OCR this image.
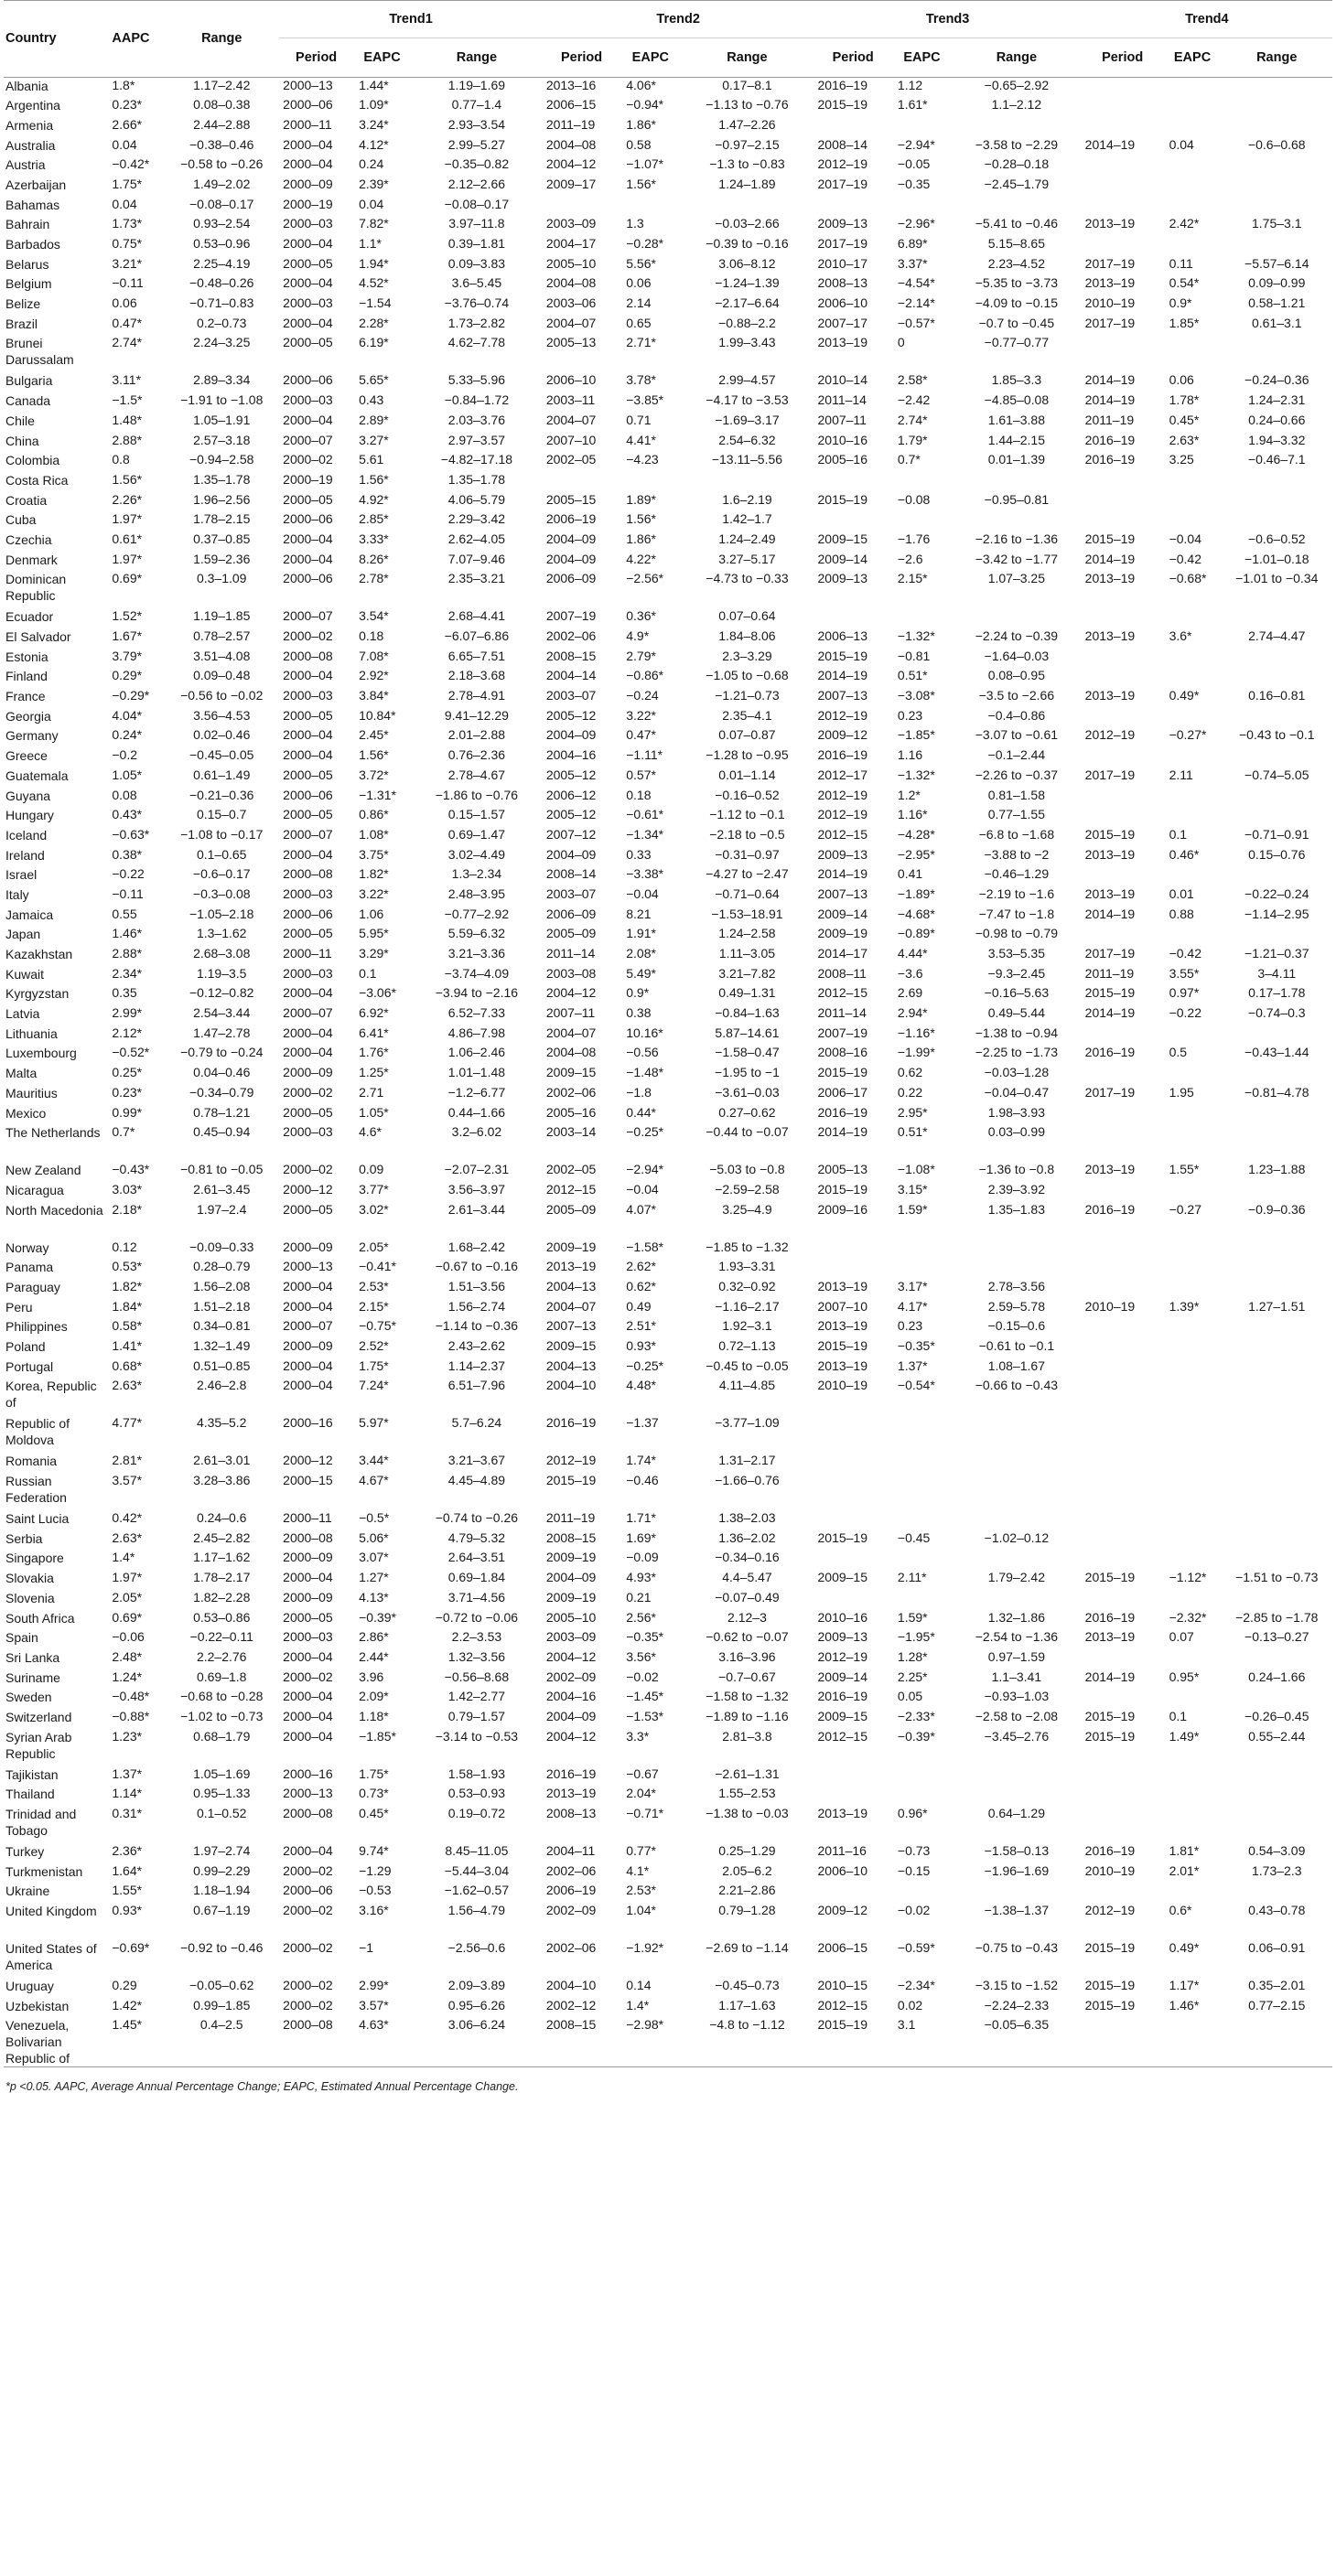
Country	AAPC	Range	Trend1			Trend2			Trend3			Trend4		
			Period	EAPC	Range	Period	EAPC	Range	Period	EAPC	Range	Period	EAPC	Range
Albania	1.8*	1.17–2.42	2000–13	1.44*	1.19–1.69	2013–16	4.06*	0.17–8.1	2016–19	1.12	−0.65–2.92			
Argentina	0.23*	0.08–0.38	2000–06	1.09*	0.77–1.4	2006–15	−0.94*	−1.13 to −0.76	2015–19	1.61*	1.1–2.12			
Armenia	2.66*	2.44–2.88	2000–11	3.24*	2.93–3.54	2011–19	1.86*	1.47–2.26						
Australia	0.04	−0.38–0.46	2000–04	4.12*	2.99–5.27	2004–08	0.58	−0.97–2.15	2008–14	−2.94*	−3.58 to −2.29	2014–19	0.04	−0.6–0.68
Austria	−0.42*	−0.58 to −0.26	2000–04	0.24	−0.35–0.82	2004–12	−1.07*	−1.3 to −0.83	2012–19	−0.05	−0.28–0.18			
Azerbaijan	1.75*	1.49–2.02	2000–09	2.39*	2.12–2.66	2009–17	1.56*	1.24–1.89	2017–19	−0.35	−2.45–1.79			
Bahamas	0.04	−0.08–0.17	2000–19	0.04	−0.08–0.17									
Bahrain	1.73*	0.93–2.54	2000–03	7.82*	3.97–11.8	2003–09	1.3	−0.03–2.66	2009–13	−2.96*	−5.41 to −0.46	2013–19	2.42*	1.75–3.1
Barbados	0.75*	0.53–0.96	2000–04	1.1*	0.39–1.81	2004–17	−0.28*	−0.39 to −0.16	2017–19	6.89*	5.15–8.65			
Belarus	3.21*	2.25–4.19	2000–05	1.94*	0.09–3.83	2005–10	5.56*	3.06–8.12	2010–17	3.37*	2.23–4.52	2017–19	0.11	−5.57–6.14
Belgium	−0.11	−0.48–0.26	2000–04	4.52*	3.6–5.45	2004–08	0.06	−1.24–1.39	2008–13	−4.54*	−5.35 to −3.73	2013–19	0.54*	0.09–0.99
Belize	0.06	−0.71–0.83	2000–03	−1.54	−3.76–0.74	2003–06	2.14	−2.17–6.64	2006–10	−2.14*	−4.09 to −0.15	2010–19	0.9*	0.58–1.21
Brazil	0.47*	0.2–0.73	2000–04	2.28*	1.73–2.82	2004–07	0.65	−0.88–2.2	2007–17	−0.57*	−0.7 to −0.45	2017–19	1.85*	0.61–3.1
Brunei Darussalam	2.74*	2.24–3.25	2000–05	6.19*	4.62–7.78	2005–13	2.71*	1.99–3.43	2013–19	0	−0.77–0.77			
Bulgaria	3.11*	2.89–3.34	2000–06	5.65*	5.33–5.96	2006–10	3.78*	2.99–4.57	2010–14	2.58*	1.85–3.3	2014–19	0.06	−0.24–0.36
Canada	−1.5*	−1.91 to −1.08	2000–03	0.43	−0.84–1.72	2003–11	−3.85*	−4.17 to −3.53	2011–14	−2.42	−4.85–0.08	2014–19	1.78*	1.24–2.31
Chile	1.48*	1.05–1.91	2000–04	2.89*	2.03–3.76	2004–07	0.71	−1.69–3.17	2007–11	2.74*	1.61–3.88	2011–19	0.45*	0.24–0.66
China	2.88*	2.57–3.18	2000–07	3.27*	2.97–3.57	2007–10	4.41*	2.54–6.32	2010–16	1.79*	1.44–2.15	2016–19	2.63*	1.94–3.32
Colombia	0.8	−0.94–2.58	2000–02	5.61	−4.82–17.18	2002–05	−4.23	−13.11–5.56	2005–16	0.7*	0.01–1.39	2016–19	3.25	−0.46–7.1
Costa Rica	1.56*	1.35–1.78	2000–19	1.56*	1.35–1.78									
Croatia	2.26*	1.96–2.56	2000–05	4.92*	4.06–5.79	2005–15	1.89*	1.6–2.19	2015–19	−0.08	−0.95–0.81			
Cuba	1.97*	1.78–2.15	2000–06	2.85*	2.29–3.42	2006–19	1.56*	1.42–1.7						
Czechia	0.61*	0.37–0.85	2000–04	3.33*	2.62–4.05	2004–09	1.86*	1.24–2.49	2009–15	−1.76	−2.16 to −1.36	2015–19	−0.04	−0.6–0.52
Denmark	1.97*	1.59–2.36	2000–04	8.26*	7.07–9.46	2004–09	4.22*	3.27–5.17	2009–14	−2.6	−3.42 to −1.77	2014–19	−0.42	−1.01–0.18
Dominican Republic	0.69*	0.3–1.09	2000–06	2.78*	2.35–3.21	2006–09	−2.56*	−4.73 to −0.33	2009–13	2.15*	1.07–3.25	2013–19	−0.68*	−1.01 to −0.34
Ecuador	1.52*	1.19–1.85	2000–07	3.54*	2.68–4.41	2007–19	0.36*	0.07–0.64						
El Salvador	1.67*	0.78–2.57	2000–02	0.18	−6.07–6.86	2002–06	4.9*	1.84–8.06	2006–13	−1.32*	−2.24 to −0.39	2013–19	3.6*	2.74–4.47
Estonia	3.79*	3.51–4.08	2000–08	7.08*	6.65–7.51	2008–15	2.79*	2.3–3.29	2015–19	−0.81	−1.64–0.03			
Finland	0.29*	0.09–0.48	2000–04	2.92*	2.18–3.68	2004–14	−0.86*	−1.05 to −0.68	2014–19	0.51*	0.08–0.95			
France	−0.29*	−0.56 to −0.02	2000–03	3.84*	2.78–4.91	2003–07	−0.24	−1.21–0.73	2007–13	−3.08*	−3.5 to −2.66	2013–19	0.49*	0.16–0.81
Georgia	4.04*	3.56–4.53	2000–05	10.84*	9.41–12.29	2005–12	3.22*	2.35–4.1	2012–19	0.23	−0.4–0.86			
Germany	0.24*	0.02–0.46	2000–04	2.45*	2.01–2.88	2004–09	0.47*	0.07–0.87	2009–12	−1.85*	−3.07 to −0.61	2012–19	−0.27*	−0.43 to −0.1
Greece	−0.2	−0.45–0.05	2000–04	1.56*	0.76–2.36	2004–16	−1.11*	−1.28 to −0.95	2016–19	1.16	−0.1–2.44			
Guatemala	1.05*	0.61–1.49	2000–05	3.72*	2.78–4.67	2005–12	0.57*	0.01–1.14	2012–17	−1.32*	−2.26 to −0.37	2017–19	2.11	−0.74–5.05
Guyana	0.08	−0.21–0.36	2000–06	−1.31*	−1.86 to −0.76	2006–12	0.18	−0.16–0.52	2012–19	1.2*	0.81–1.58			
Hungary	0.43*	0.15–0.7	2000–05	0.86*	0.15–1.57	2005–12	−0.61*	−1.12 to −0.1	2012–19	1.16*	0.77–1.55			
Iceland	−0.63*	−1.08 to −0.17	2000–07	1.08*	0.69–1.47	2007–12	−1.34*	−2.18 to −0.5	2012–15	−4.28*	−6.8 to −1.68	2015–19	0.1	−0.71–0.91
Ireland	0.38*	0.1–0.65	2000–04	3.75*	3.02–4.49	2004–09	0.33	−0.31–0.97	2009–13	−2.95*	−3.88 to −2	2013–19	0.46*	0.15–0.76
Israel	−0.22	−0.6–0.17	2000–08	1.82*	1.3–2.34	2008–14	−3.38*	−4.27 to −2.47	2014–19	0.41	−0.46–1.29			
Italy	−0.11	−0.3–0.08	2000–03	3.22*	2.48–3.95	2003–07	−0.04	−0.71–0.64	2007–13	−1.89*	−2.19 to −1.6	2013–19	0.01	−0.22–0.24
Jamaica	0.55	−1.05–2.18	2000–06	1.06	−0.77–2.92	2006–09	8.21	−1.53–18.91	2009–14	−4.68*	−7.47 to −1.8	2014–19	0.88	−1.14–2.95
Japan	1.46*	1.3–1.62	2000–05	5.95*	5.59–6.32	2005–09	1.91*	1.24–2.58	2009–19	−0.89*	−0.98 to −0.79			
Kazakhstan	2.88*	2.68–3.08	2000–11	3.29*	3.21–3.36	2011–14	2.08*	1.11–3.05	2014–17	4.44*	3.53–5.35	2017–19	−0.42	−1.21–0.37
Kuwait	2.34*	1.19–3.5	2000–03	0.1	−3.74–4.09	2003–08	5.49*	3.21–7.82	2008–11	−3.6	−9.3–2.45	2011–19	3.55*	3–4.11
Kyrgyzstan	0.35	−0.12–0.82	2000–04	−3.06*	−3.94 to −2.16	2004–12	0.9*	0.49–1.31	2012–15	2.69	−0.16–5.63	2015–19	0.97*	0.17–1.78
Latvia	2.99*	2.54–3.44	2000–07	6.92*	6.52–7.33	2007–11	0.38	−0.84–1.63	2011–14	2.94*	0.49–5.44	2014–19	−0.22	−0.74–0.3
Lithuania	2.12*	1.47–2.78	2000–04	6.41*	4.86–7.98	2004–07	10.16*	5.87–14.61	2007–19	−1.16*	−1.38 to −0.94			
Luxembourg	−0.52*	−0.79 to −0.24	2000–04	1.76*	1.06–2.46	2004–08	−0.56	−1.58–0.47	2008–16	−1.99*	−2.25 to −1.73	2016–19	0.5	−0.43–1.44
Malta	0.25*	0.04–0.46	2000–09	1.25*	1.01–1.48	2009–15	−1.48*	−1.95 to −1	2015–19	0.62	−0.03–1.28			
Mauritius	0.23*	−0.34–0.79	2000–02	2.71	−1.2–6.77	2002–06	−1.8	−3.61–0.03	2006–17	0.22	−0.04–0.47	2017–19	1.95	−0.81–4.78
Mexico	0.99*	0.78–1.21	2000–05	1.05*	0.44–1.66	2005–16	0.44*	0.27–0.62	2016–19	2.95*	1.98–3.93			
The Netherlands	0.7*	0.45–0.94	2000–03	4.6*	3.2–6.02	2003–14	−0.25*	−0.44 to −0.07	2014–19	0.51*	0.03–0.99			
New Zealand	−0.43*	−0.81 to −0.05	2000–02	0.09	−2.07–2.31	2002–05	−2.94*	−5.03 to −0.8	2005–13	−1.08*	−1.36 to −0.8	2013–19	1.55*	1.23–1.88
Nicaragua	3.03*	2.61–3.45	2000–12	3.77*	3.56–3.97	2012–15	−0.04	−2.59–2.58	2015–19	3.15*	2.39–3.92			
North Macedonia	2.18*	1.97–2.4	2000–05	3.02*	2.61–3.44	2005–09	4.07*	3.25–4.9	2009–16	1.59*	1.35–1.83	2016–19	−0.27	−0.9–0.36
Norway	0.12	−0.09–0.33	2000–09	2.05*	1.68–2.42	2009–19	−1.58*	−1.85 to −1.32						
Panama	0.53*	0.28–0.79	2000–13	−0.41*	−0.67 to −0.16	2013–19	2.62*	1.93–3.31						
Paraguay	1.82*	1.56–2.08	2000–04	2.53*	1.51–3.56	2004–13	0.62*	0.32–0.92	2013–19	3.17*	2.78–3.56			
Peru	1.84*	1.51–2.18	2000–04	2.15*	1.56–2.74	2004–07	0.49	−1.16–2.17	2007–10	4.17*	2.59–5.78	2010–19	1.39*	1.27–1.51
Philippines	0.58*	0.34–0.81	2000–07	−0.75*	−1.14 to −0.36	2007–13	2.51*	1.92–3.1	2013–19	0.23	−0.15–0.6			
Poland	1.41*	1.32–1.49	2000–09	2.52*	2.43–2.62	2009–15	0.93*	0.72–1.13	2015–19	−0.35*	−0.61 to −0.1			
Portugal	0.68*	0.51–0.85	2000–04	1.75*	1.14–2.37	2004–13	−0.25*	−0.45 to −0.05	2013–19	1.37*	1.08–1.67			
Korea, Republic of	2.63*	2.46–2.8	2000–04	7.24*	6.51–7.96	2004–10	4.48*	4.11–4.85	2010–19	−0.54*	−0.66 to −0.43			
Republic of Moldova	4.77*	4.35–5.2	2000–16	5.97*	5.7–6.24	2016–19	−1.37	−3.77–1.09						
Romania	2.81*	2.61–3.01	2000–12	3.44*	3.21–3.67	2012–19	1.74*	1.31–2.17						
Russian Federation	3.57*	3.28–3.86	2000–15	4.67*	4.45–4.89	2015–19	−0.46	−1.66–0.76						
Saint Lucia	0.42*	0.24–0.6	2000–11	−0.5*	−0.74 to −0.26	2011–19	1.71*	1.38–2.03						
Serbia	2.63*	2.45–2.82	2000–08	5.06*	4.79–5.32	2008–15	1.69*	1.36–2.02	2015–19	−0.45	−1.02–0.12			
Singapore	1.4*	1.17–1.62	2000–09	3.07*	2.64–3.51	2009–19	−0.09	−0.34–0.16						
Slovakia	1.97*	1.78–2.17	2000–04	1.27*	0.69–1.84	2004–09	4.93*	4.4–5.47	2009–15	2.11*	1.79–2.42	2015–19	−1.12*	−1.51 to −0.73
Slovenia	2.05*	1.82–2.28	2000–09	4.13*	3.71–4.56	2009–19	0.21	−0.07–0.49						
South Africa	0.69*	0.53–0.86	2000–05	−0.39*	−0.72 to −0.06	2005–10	2.56*	2.12–3	2010–16	1.59*	1.32–1.86	2016–19	−2.32*	−2.85 to −1.78
Spain	−0.06	−0.22–0.11	2000–03	2.86*	2.2–3.53	2003–09	−0.35*	−0.62 to −0.07	2009–13	−1.95*	−2.54 to −1.36	2013–19	0.07	−0.13–0.27
Sri Lanka	2.48*	2.2–2.76	2000–04	2.44*	1.32–3.56	2004–12	3.56*	3.16–3.96	2012–19	1.28*	0.97–1.59			
Suriname	1.24*	0.69–1.8	2000–02	3.96	−0.56–8.68	2002–09	−0.02	−0.7–0.67	2009–14	2.25*	1.1–3.41	2014–19	0.95*	0.24–1.66
Sweden	−0.48*	−0.68 to −0.28	2000–04	2.09*	1.42–2.77	2004–16	−1.45*	−1.58 to −1.32	2016–19	0.05	−0.93–1.03			
Switzerland	−0.88*	−1.02 to −0.73	2000–04	1.18*	0.79–1.57	2004–09	−1.53*	−1.89 to −1.16	2009–15	−2.33*	−2.58 to −2.08	2015–19	0.1	−0.26–0.45
Syrian Arab Republic	1.23*	0.68–1.79	2000–04	−1.85*	−3.14 to −0.53	2004–12	3.3*	2.81–3.8	2012–15	−0.39*	−3.45–2.76	2015–19	1.49*	0.55–2.44
Tajikistan	1.37*	1.05–1.69	2000–16	1.75*	1.58–1.93	2016–19	−0.67	−2.61–1.31						
Thailand	1.14*	0.95–1.33	2000–13	0.73*	0.53–0.93	2013–19	2.04*	1.55–2.53						
Trinidad and Tobago	0.31*	0.1–0.52	2000–08	0.45*	0.19–0.72	2008–13	−0.71*	−1.38 to −0.03	2013–19	0.96*	0.64–1.29			
Turkey	2.36*	1.97–2.74	2000–04	9.74*	8.45–11.05	2004–11	0.77*	0.25–1.29	2011–16	−0.73	−1.58–0.13	2016–19	1.81*	0.54–3.09
Turkmenistan	1.64*	0.99–2.29	2000–02	−1.29	−5.44–3.04	2002–06	4.1*	2.05–6.2	2006–10	−0.15	−1.96–1.69	2010–19	2.01*	1.73–2.3
Ukraine	1.55*	1.18–1.94	2000–06	−0.53	−1.62–0.57	2006–19	2.53*	2.21–2.86						
United Kingdom	0.93*	0.67–1.19	2000–02	3.16*	1.56–4.79	2002–09	1.04*	0.79–1.28	2009–12	−0.02	−1.38–1.37	2012–19	0.6*	0.43–0.78
United States of America	−0.69*	−0.92 to −0.46	2000–02	−1	−2.56–0.6	2002–06	−1.92*	−2.69 to −1.14	2006–15	−0.59*	−0.75 to −0.43	2015–19	0.49*	0.06–0.91
Uruguay	0.29	−0.05–0.62	2000–02	2.99*	2.09–3.89	2004–10	0.14	−0.45–0.73	2010–15	−2.34*	−3.15 to −1.52	2015–19	1.17*	0.35–2.01
Uzbekistan	1.42*	0.99–1.85	2000–02	3.57*	0.95–6.26	2002–12	1.4*	1.17–1.63	2012–15	0.02	−2.24–2.33	2015–19	1.46*	0.77–2.15
Venezuela, Bolivarian Republic of	1.45*	0.4–2.5	2000–08	4.63*	3.06–6.24	2008–15	−2.98*	−4.8 to −1.12	2015–19	3.1	−0.05–6.35			
*p <0.05. AAPC, Average Annual Percentage Change; EAPC, Estimated Annual Percentage Change.
